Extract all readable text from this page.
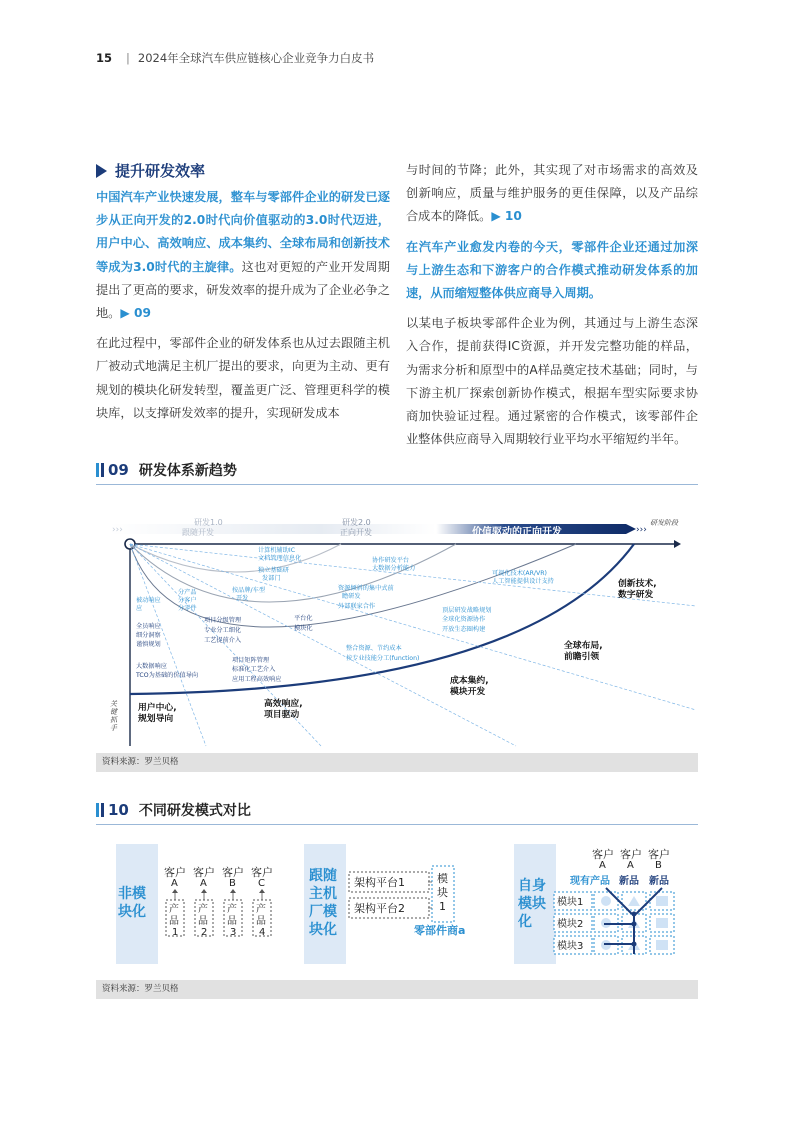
15 | 2024年全球汽车供应链核心企业竞争力白皮书
提升研发效率

中国汽车产业快速发展，整车与零部件企业的研发已逐步从正向开发的2.0时代向价值驱动的3.0时代迈进，用户中心、高效响应、成本集约、全球布局和创新技术等成为3.0时代的主旋律。这也对更短的产业开发周期提出了更高的要求，研发效率的提升成为了企业必争之地。▶ 09

在此过程中，零部件企业的研发体系也从过去跟随主机厂被动式地满足主机厂提出的要求，向更为主动、更有规划的模块化研发转型，覆盖更广泛、管理更科学的模块库，以支撑研发效率的提升，实现研发成本

与时间的节降；此外，其实现了对市场需求的高效及创新响应，质量与维护服务的更佳保障，以及产品综合成本的降低。▶ 10

在汽车产业愈发内卷的今天，零部件企业还通过加深与上游生态和下游客户的合作模式推动研发体系的加速，从而缩短整体供应商导入周期。

以某电子板块零部件企业为例，其通过与上游生态深入合作，提前获得IC资源，并开发完整功能的样品，为需求分析和原型中的A样品奠定技术基础；同时，与下游主机厂探索创新协作模式，根据车型实际要求协商加快验证过程。通过紧密的合作模式，该零部件企业整体供应商导入周期较行业平均水平缩短约半年。

09 研发体系新趋势
›››
研发1.0
跟随开发
研发2.0
正向开发
研发3.0
价值驱动的正向开发	›››
研发阶段
关键抓手
被动响应
应
分产品
分客户
分零件
计算机辅助IC
文档管理信息化
独立基础研
发部门
按品牌/车型
开发
协作研发平台
大数据分析能力
资源倾斜的集中式前
瞻研发
外部联家合作
可视化技术(AR/VR)
人工智能提供设计支持
顶层研发战略规划
全球化资源协作
开放生态圈构建
整合资源、节约成本
按专业技能分工(function)
全员响应
细分洞察
谨慎规划
大数据响应
TCO为基础的价值导向
项目分级管理
专业分工细化
工艺提前介入
项目矩阵管理
标准化工艺介入
应用工程高效响应
平台化
模块化
用户中心,
规划导向
高效响应,
项目驱动
成本集约,
模块开发
全球布局,
前瞻引领
创新技术,
数字研发
资料来源：罗兰贝格
10 不同研发模式对比
非模
块化
客户
A
产
品
1
客户
A
产
品
2
客户
B
产
品
3
客户
C
产
品
4
跟随
主机
厂模
块化
架构平台1
架构平台2
模
块
1
零部件商a
自身
模块
化
客户
A
客户
A
客户
B
现有产品 新品 新品
模块1
模块2
模块3
资料来源：罗兰贝格
